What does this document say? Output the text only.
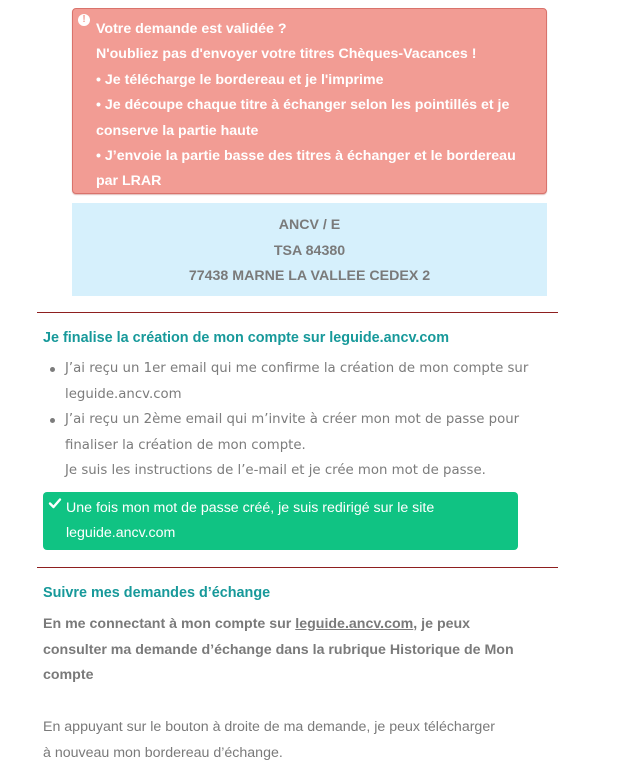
!
Votre demande est validée ?
N'oubliez pas d'envoyer votre titres Chèques-Vacances !
• Je télécharge le bordereau et je l'imprime
• Je découpe chaque titre à échanger selon les pointillés et je conserve la partie haute
• J’envoie la partie basse des titres à échanger et le bordereau par LRAR
ANCV / E
TSA 84380
77438 MARNE LA VALLEE CEDEX 2
Je finalise la création de mon compte sur leguide.ancv.com
J’ai reçu un 1er email qui me confirme la création de mon compte sur leguide.ancv.com
J’ai reçu un 2ème email qui m’invite à créer mon mot de passe pour finaliser la création de mon compte.
Je suis les instructions de l’e-mail et je crée mon mot de passe.
Une fois mon mot de passe créé, je suis redirigé sur le site leguide.ancv.com
Suivre mes demandes d’échange
En me connectant à mon compte sur leguide.ancv.com, je peux consulter ma demande d’échange dans la rubrique Historique de Mon compte
En appuyant sur le bouton à droite de ma demande, je peux télécharger
à nouveau mon bordereau d’échange.
